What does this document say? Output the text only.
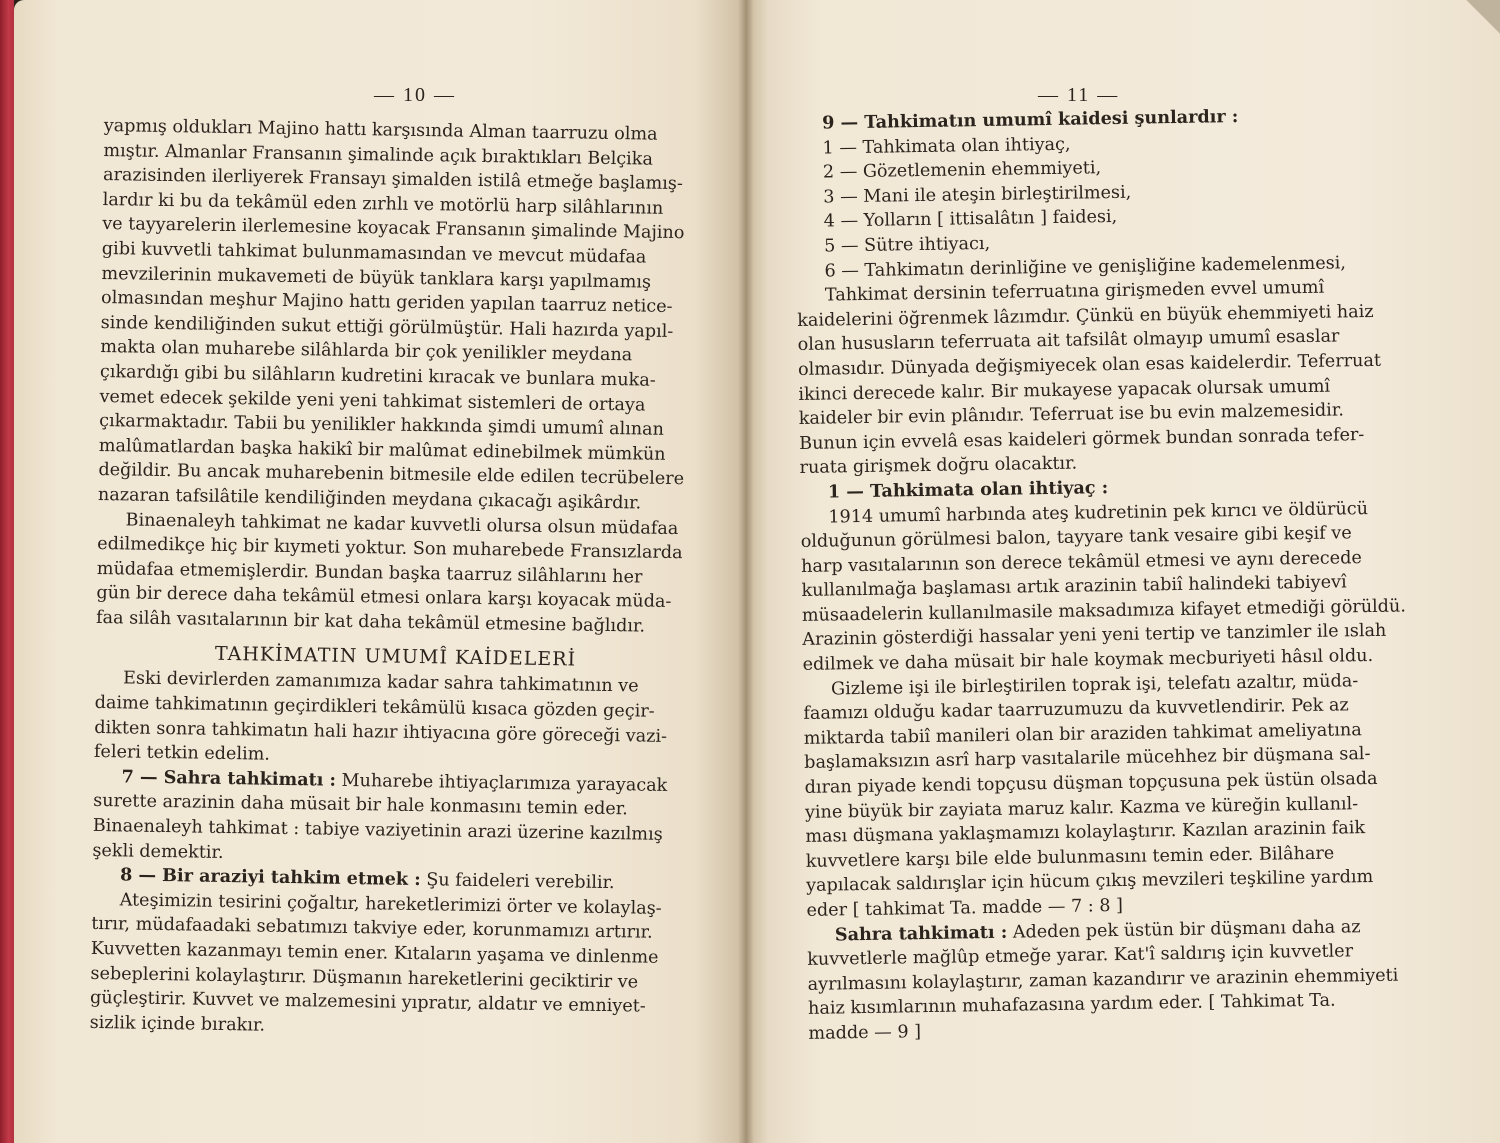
— 10 —
yapmış oldukları Majino hattı karşısında Alman taarruzu olma
mıştır. Almanlar Fransanın şimalinde açık bıraktıkları Belçika
arazisinden ilerliyerek Fransayı şimalden istilâ etmeğe başlamış-
lardır ki bu da tekâmül eden zırhlı ve motörlü harp silâhlarının
ve tayyarelerin ilerlemesine koyacak Fransanın şimalinde Majino
gibi kuvvetli tahkimat bulunmamasından ve mevcut müdafaa
mevzilerinin mukavemeti de büyük tanklara karşı yapılmamış
olmasından meşhur Majino hattı geriden yapılan taarruz netice-
sinde kendiliğinden sukut ettiği görülmüştür. Hali hazırda yapıl-
makta olan muharebe silâhlarda bir çok yenilikler meydana
çıkardığı gibi bu silâhların kudretini kıracak ve bunlara muka-
vemet edecek şekilde yeni yeni tahkimat sistemleri de ortaya
çıkarmaktadır. Tabii bu yenilikler hakkında şimdi umumî alınan
malûmatlardan başka hakikî bir malûmat edinebilmek mümkün
değildir. Bu ancak muharebenin bitmesile elde edilen tecrübelere
nazaran tafsilâtile kendiliğinden meydana çıkacağı aşikârdır.
Binaenaleyh tahkimat ne kadar kuvvetli olursa olsun müdafaa
edilmedikçe hiç bir kıymeti yoktur. Son muharebede Fransızlarda
müdafaa etmemişlerdir. Bundan başka taarruz silâhlarını her
gün bir derece daha tekâmül etmesi onlara karşı koyacak müda-
faa silâh vasıtalarının bir kat daha tekâmül etmesine bağlıdır.
TAHKİMATIN UMUMÎ KAİDELERİ
Eski devirlerden zamanımıza kadar sahra tahkimatının ve
daime tahkimatının geçirdikleri tekâmülü kısaca gözden geçir-
dikten sonra tahkimatın hali hazır ihtiyacına göre göreceği vazi-
feleri tetkin edelim.
7 — Sahra tahkimatı : Muharebe ihtiyaçlarımıza yarayacak
surette arazinin daha müsait bir hale konmasını temin eder.
Binaenaleyh tahkimat : tabiye vaziyetinin arazi üzerine kazılmış
şekli demektir.
8 — Bir araziyi tahkim etmek : Şu faideleri verebilir.
Ateşimizin tesirini çoğaltır, hareketlerimizi örter ve kolaylaş-
tırır, müdafaadaki sebatımızı takviye eder, korunmamızı artırır.
Kuvvetten kazanmayı temin ener. Kıtaların yaşama ve dinlenme
sebeplerini kolaylaştırır. Düşmanın hareketlerini geciktirir ve
güçleştirir. Kuvvet ve malzemesini yıpratır, aldatır ve emniyet-
sizlik içinde bırakır.
— 11 —
9 — Tahkimatın umumî kaidesi şunlardır :
1 — Tahkimata olan ihtiyaç,
2 — Gözetlemenin ehemmiyeti,
3 — Mani ile ateşin birleştirilmesi,
4 — Yolların [ ittisalâtın ] faidesi,
5 — Sütre ihtiyacı,
6 — Tahkimatın derinliğine ve genişliğine kademelenmesi,
Tahkimat dersinin teferruatına girişmeden evvel umumî
kaidelerini öğrenmek lâzımdır. Çünkü en büyük ehemmiyeti haiz
olan hususların teferruata ait tafsilât olmayıp umumî esaslar
olmasıdır. Dünyada değişmiyecek olan esas kaidelerdir. Teferruat
ikinci derecede kalır. Bir mukayese yapacak olursak umumî
kaideler bir evin plânıdır. Teferruat ise bu evin malzemesidir.
Bunun için evvelâ esas kaideleri görmek bundan sonrada tefer-
ruata girişmek doğru olacaktır.
1 — Tahkimata olan ihtiyaç :
1914 umumî harbında ateş kudretinin pek kırıcı ve öldürücü
olduğunun görülmesi balon, tayyare tank vesaire gibi keşif ve
harp vasıtalarının son derece tekâmül etmesi ve aynı derecede
kullanılmağa başlaması artık arazinin tabiî halindeki tabiyevî
müsaadelerin kullanılmasile maksadımıza kifayet etmediği görüldü.
Arazinin gösterdiği hassalar yeni yeni tertip ve tanzimler ile ıslah
edilmek ve daha müsait bir hale koymak mecburiyeti hâsıl oldu.
Gizleme işi ile birleştirilen toprak işi, telefatı azaltır, müda-
faamızı olduğu kadar taarruzumuzu da kuvvetlendirir. Pek az
miktarda tabiî manileri olan bir araziden tahkimat ameliyatına
başlamaksızın asrî harp vasıtalarile mücehhez bir düşmana sal-
dıran piyade kendi topçusu düşman topçusuna pek üstün olsada
yine büyük bir zayiata maruz kalır. Kazma ve küreğin kullanıl-
ması düşmana yaklaşmamızı kolaylaştırır. Kazılan arazinin faik
kuvvetlere karşı bile elde bulunmasını temin eder. Bilâhare
yapılacak saldırışlar için hücum çıkış mevzileri teşkiline yardım
eder [ tahkimat Ta. madde — 7 : 8 ]
Sahra tahkimatı : Adeden pek üstün bir düşmanı daha az
kuvvetlerle mağlûp etmeğe yarar. Kat'î saldırış için kuvvetler
ayrılmasını kolaylaştırır, zaman kazandırır ve arazinin ehemmiyeti
haiz kısımlarının muhafazasına yardım eder. [ Tahkimat Ta.
madde — 9 ]
